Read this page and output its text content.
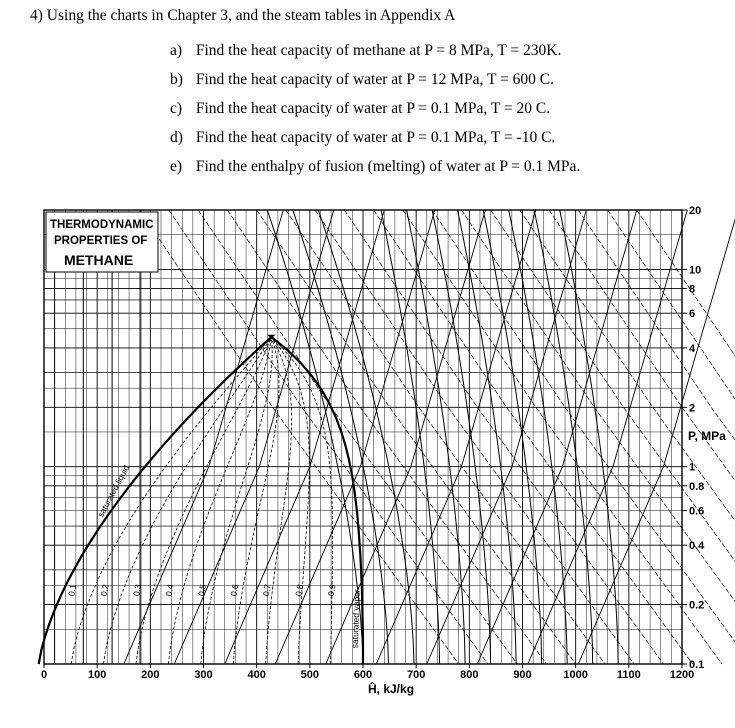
4) Using the charts in Chapter 3, and the steam tables in Appendix A
a) Find the heat capacity of methane at P = 8 MPa, T = 230K.
b) Find the heat capacity of water at P = 12 MPa, T = 600 C.
c) Find the heat capacity of water at P = 0.1 MPa, T = 20 C.
d) Find the heat capacity of water at P = 0.1 MPa, T = -10 C.
e) Find the enthalpy of fusion (melting) of water at P = 0.1 MPa.
0.1 0.2 0.3 0.4 0.5 0.6 0.7 0.8 0.9
saturated liquid
saturated vapor
THERMODYNAMIC
PROPERTIES OF
METHANE
0	100	200	300	400	500	600	700	800	900	1000	1100	1200
20
10
8
6
4
2
1
0.8
0.6
0.4
0.2
0.1
Ĥ, kJ/kg
P, MPa
